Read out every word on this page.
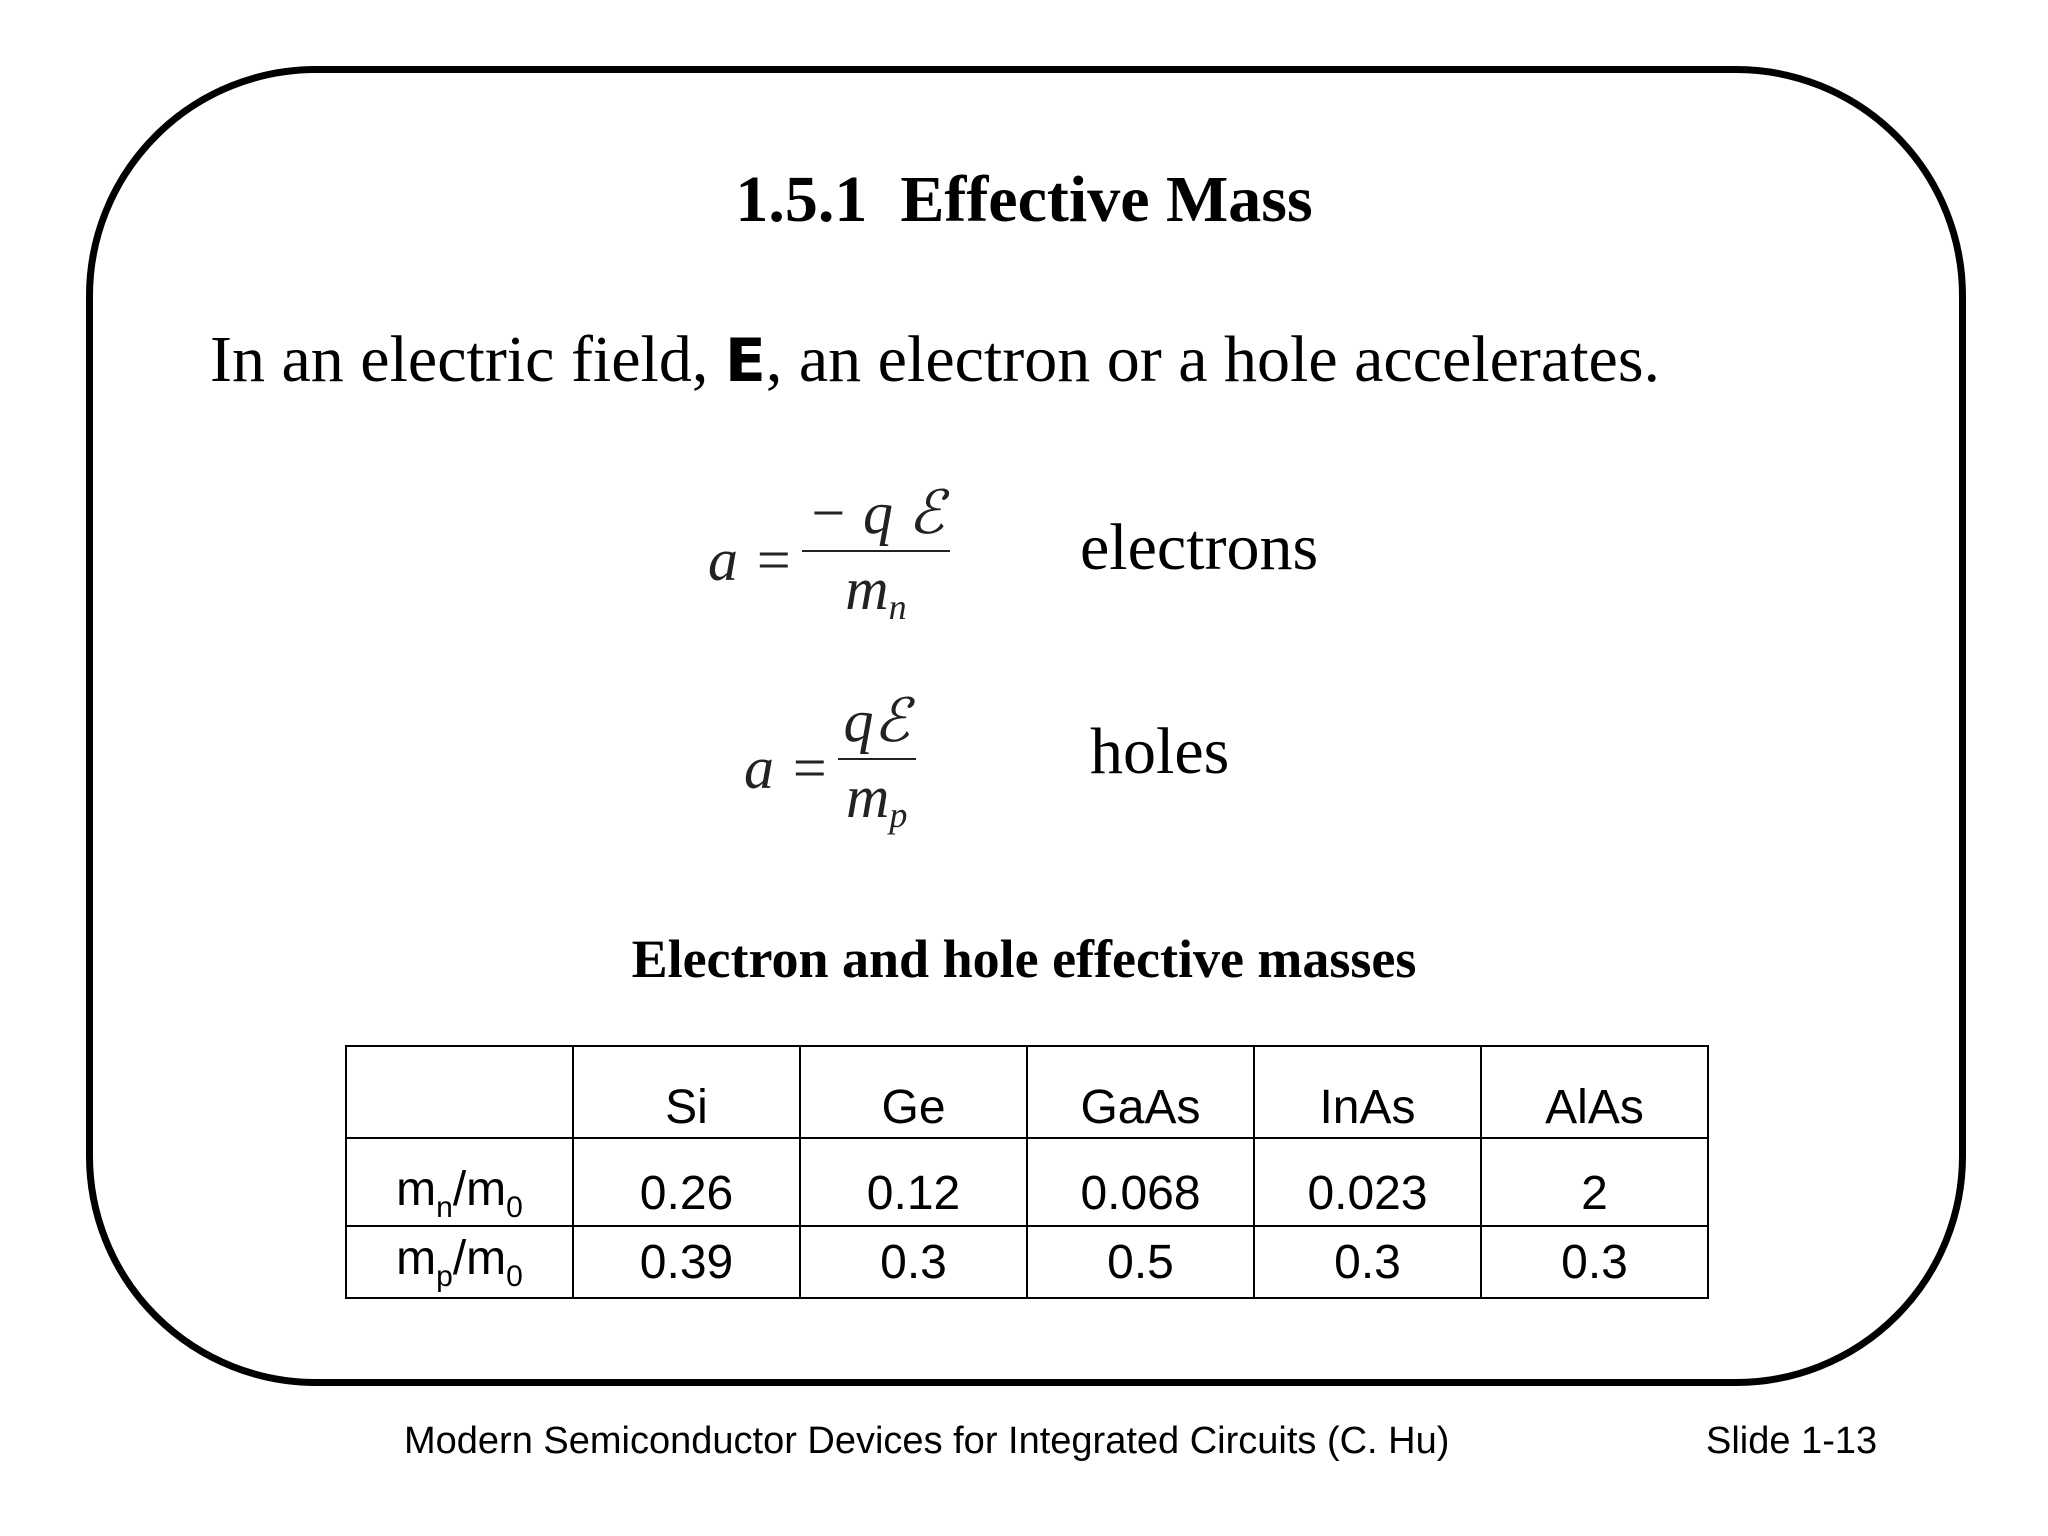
1.5.1  Effective Mass
In an electric field, E, an electron or a hole accelerates.
$a = \frac{\text{− q ℰ}}{m_n}$ electrons
$a = \frac{\text{qℰ}}{m_p}$	holes
Electron and hole effective masses
	Si	Ge	GaAs	InAs	AlAs
$m_n/m_0$	0.26	0.12	0.068	0.023	2
$m_p/m_0$	0.39	0.3	0.5	0.3	0.3
Modern Semiconductor Devices for Integrated Circuits (C. Hu)	Slide 1-13
